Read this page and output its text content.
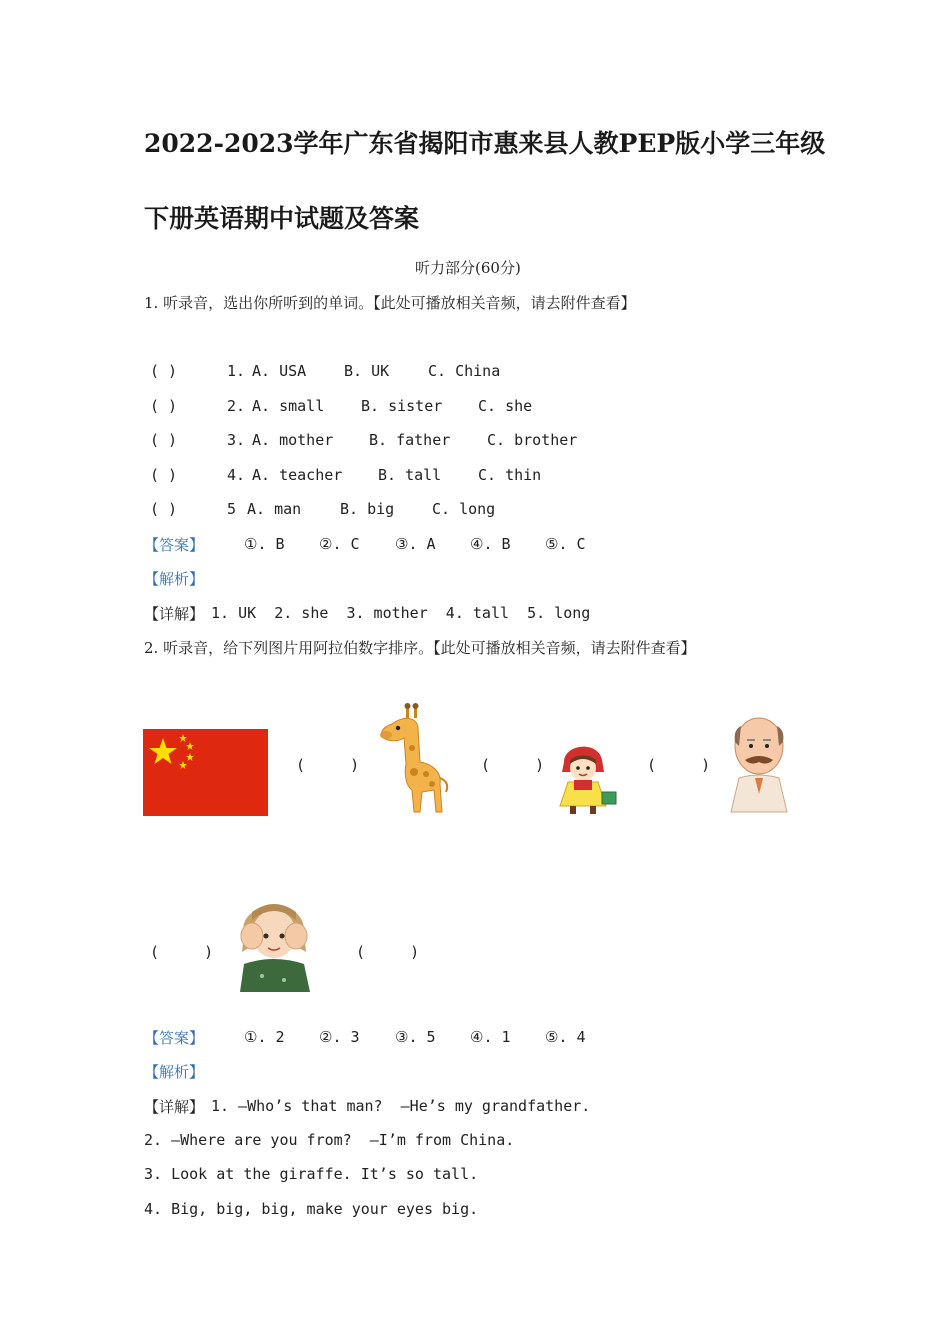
2022-2023学年广东省揭阳市惠来县人教PEP版小学三年级
下册英语期中试题及答案
听力部分(60分)
1. 听录音，选出你所听到的单词。【此处可播放相关音频，请去附件查看】
( )	1. A. USA	B. UK	C. China
( )	2. A. small B. sister C. she
( )	3. A. mother B. father C. brother
( )	4. A. teacher B. tall C. thin
( )	5 A. man	B. big	C. long
【答案】	①. B ②. C ③. A ④. B ⑤. C
【解析】
【详解】 1. UK  2. she  3. mother  4. tall  5. long
2. 听录音，给下列图片用阿拉伯数字排序。【此处可播放相关音频，请去附件查看】
(     )	(     )	(     )
(     )	(     )
【答案】	①. 2 ②. 3 ③. 5 ④. 1 ⑤. 4
【解析】
【详解】 1. —Who’s that man?  —He’s my grandfather.
2. —Where are you from?  —I’m from China.
3. Look at the giraffe. It’s so tall.
4. Big, big, big, make your eyes big.
